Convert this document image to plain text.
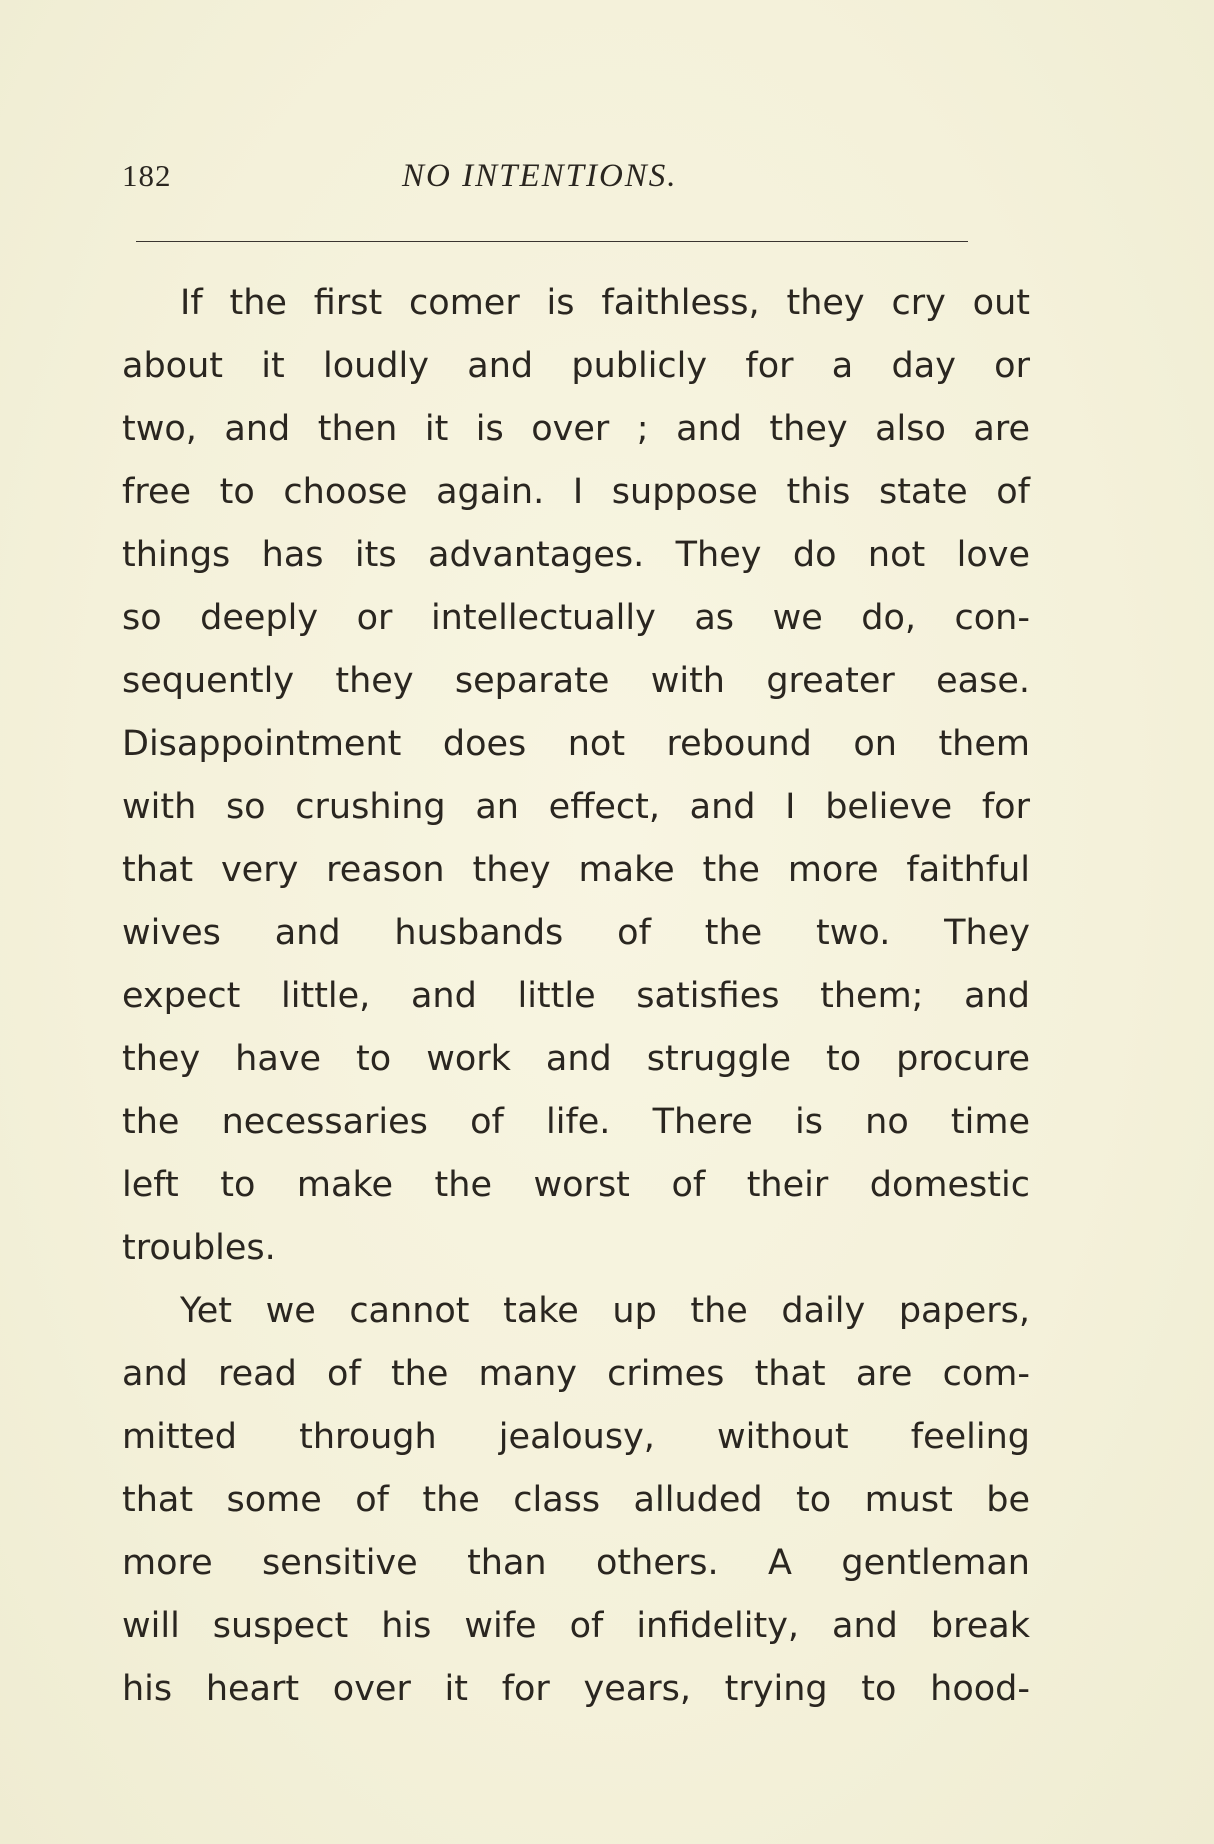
182	NO INTENTIONS.
If the first comer is faithless, they cry out
about it loudly and publicly for a day or
two, and then it is over ; and they also are
free to choose again. I suppose this state of
things has its advantages. They do not love
so deeply or intellectually as we do, con-
sequently they separate with greater ease.
Disappointment does not rebound on them
with so crushing an effect, and I believe for
that very reason they make the more faithful
wives and husbands of the two. They
expect little, and little satisfies them; and
they have to work and struggle to procure
the necessaries of life. There is no time
left to make the worst of their domestic
troubles.
Yet we cannot take up the daily papers,
and read of the many crimes that are com-
mitted through jealousy, without feeling
that some of the class alluded to must be
more sensitive than others. A gentleman
will suspect his wife of infidelity, and break
his heart over it for years, trying to hood-
